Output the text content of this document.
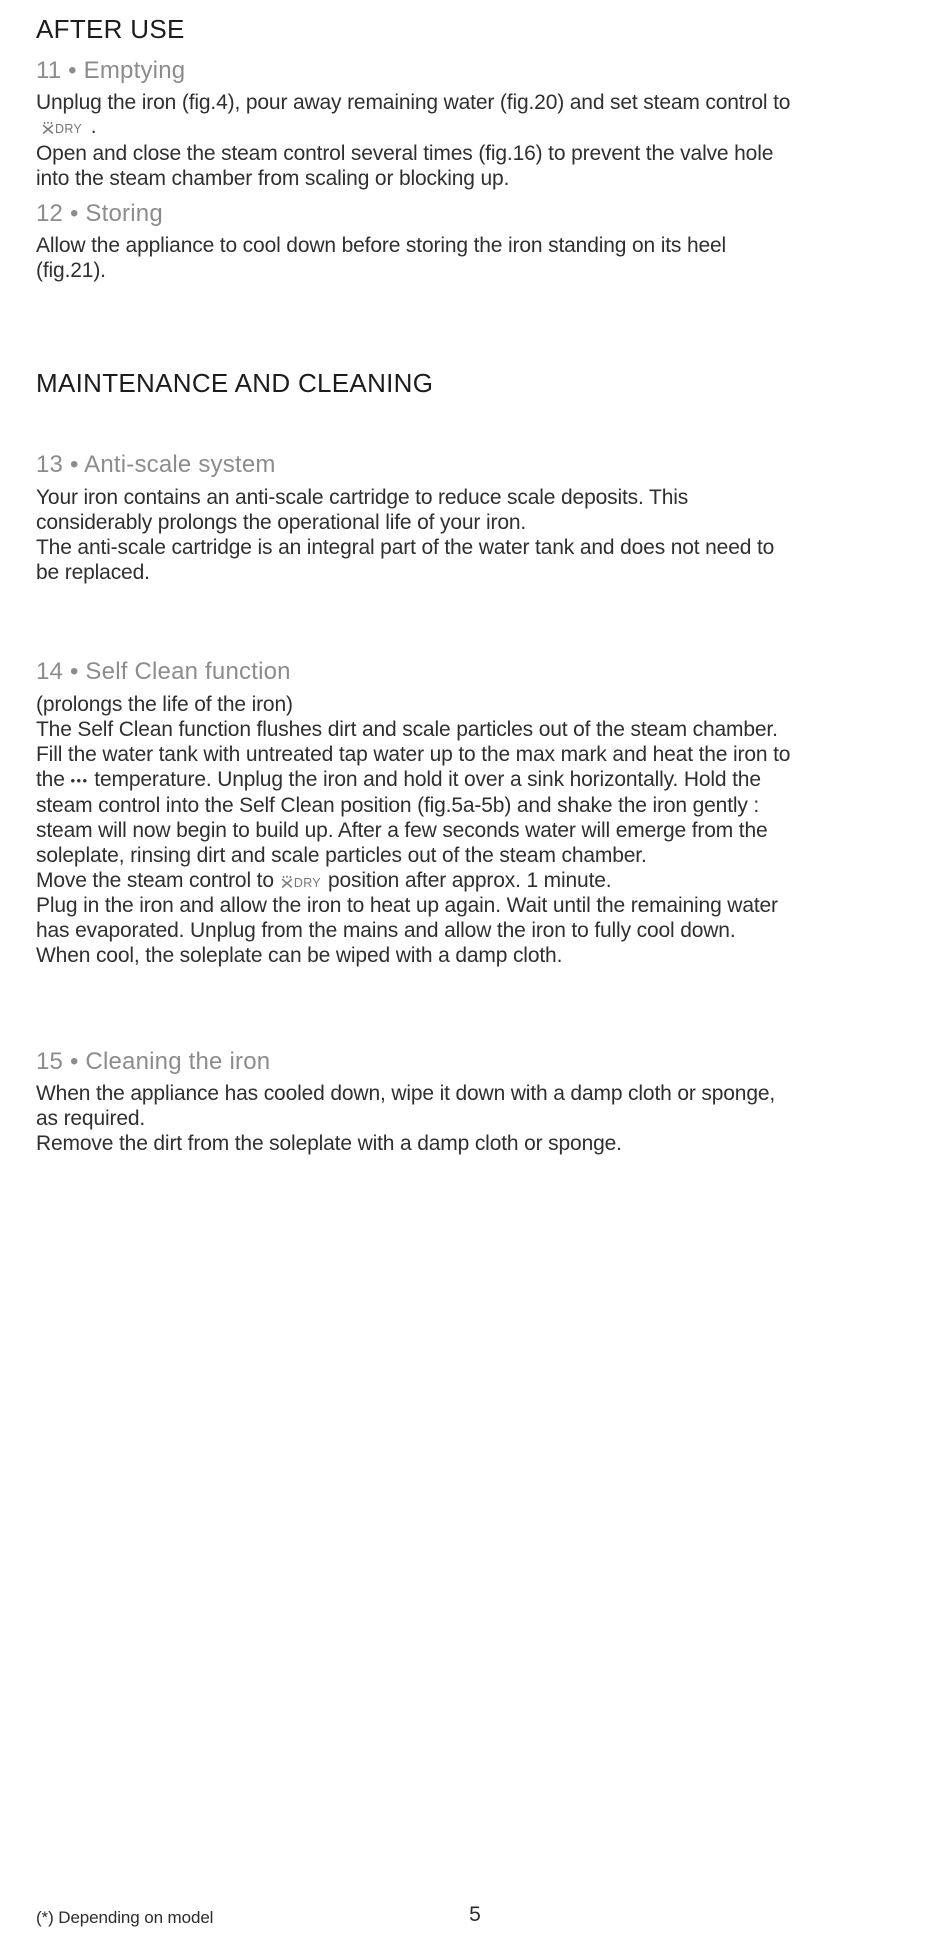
AFTER USE
11 • Emptying
Unplug the iron (fig.4), pour away remaining water (fig.20) and set steam control to
DRY .
Open and close the steam control several times (fig.16) to prevent the valve hole
into the steam chamber from scaling or blocking up.
12 • Storing
Allow the appliance to cool down before storing the iron standing on its heel
(fig.21).
MAINTENANCE AND CLEANING
13 • Anti-scale system
Your iron contains an anti-scale cartridge to reduce scale deposits. This
considerably prolongs the operational life of your iron.
The anti-scale cartridge is an integral part of the water tank and does not need to
be replaced.
14 • Self Clean function
(prolongs the life of the iron)
The Self Clean function flushes dirt and scale particles out of the steam chamber.
Fill the water tank with untreated tap water up to the max mark and heat the iron to
the ••• temperature. Unplug the iron and hold it over a sink horizontally. Hold the
steam control into the Self Clean position (fig.5a-5b) and shake the iron gently :
steam will now begin to build up. After a few seconds water will emerge from the
soleplate, rinsing dirt and scale particles out of the steam chamber.
Move the steam control to DRY position after approx. 1 minute.
Plug in the iron and allow the iron to heat up again. Wait until the remaining water
has evaporated. Unplug from the mains and allow the iron to fully cool down.
When cool, the soleplate can be wiped with a damp cloth.
15 • Cleaning the iron
When the appliance has cooled down, wipe it down with a damp cloth or sponge,
as required.
Remove the dirt from the soleplate with a damp cloth or sponge.
(*) Depending on model	5
